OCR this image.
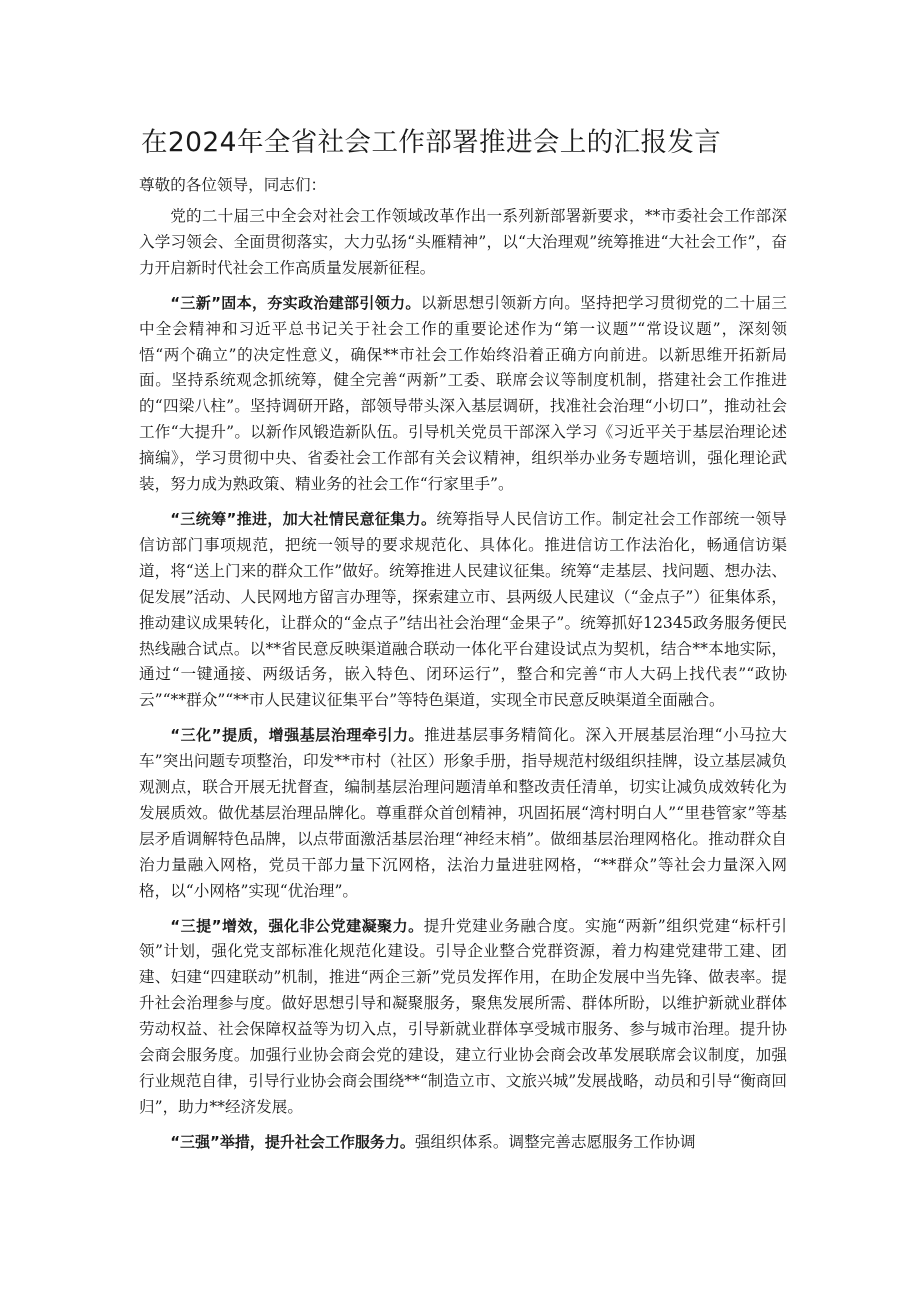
在2024年全省社会工作部署推进会上的汇报发言
尊敬的各位领导，同志们：

党的二十届三中全会对社会工作领域改革作出一系列新部署新要求，**市委社会工作部深入学习领会、全面贯彻落实，大力弘扬“头雁精神”，以“大治理观”统筹推进“大社会工作”，奋力开启新时代社会工作高质量发展新征程。

“三新”固本，夯实政治建部引领力。以新思想引领新方向。坚持把学习贯彻党的二十届三中全会精神和习近平总书记关于社会工作的重要论述作为“第一议题”“常设议题”，深刻领悟“两个确立”的决定性意义，确保**市社会工作始终沿着正确方向前进。以新思维开拓新局面。坚持系统观念抓统筹，健全完善“两新”工委、联席会议等制度机制，搭建社会工作推进的“四梁八柱”。坚持调研开路，部领导带头深入基层调研，找准社会治理“小切口”，推动社会工作“大提升”。以新作风锻造新队伍。引导机关党员干部深入学习《习近平关于基层治理论述摘编》，学习贯彻中央、省委社会工作部有关会议精神，组织举办业务专题培训，强化理论武装，努力成为熟政策、精业务的社会工作“行家里手”。

“三统筹”推进，加大社情民意征集力。统筹指导人民信访工作。制定社会工作部统一领导信访部门事项规范，把统一领导的要求规范化、具体化。推进信访工作法治化，畅通信访渠道，将“送上门来的群众工作”做好。统筹推进人民建议征集。统筹“走基层、找问题、想办法、促发展”活动、人民网地方留言办理等，探索建立市、县两级人民建议（“金点子”）征集体系，推动建议成果转化，让群众的“金点子”结出社会治理“金果子”。统筹抓好12345政务服务便民热线融合试点。以**省民意反映渠道融合联动一体化平台建设试点为契机，结合**本地实际，通过“一键通接、两级话务，嵌入特色、闭环运行”，整合和完善“市人大码上找代表”“政协云”“**群众”“**市人民建议征集平台”等特色渠道，实现全市民意反映渠道全面融合。

“三化”提质，增强基层治理牵引力。推进基层事务精简化。深入开展基层治理“小马拉大车”突出问题专项整治，印发**市村（社区）形象手册，指导规范村级组织挂牌，设立基层减负观测点，联合开展无扰督查，编制基层治理问题清单和整改责任清单，切实让减负成效转化为发展质效。做优基层治理品牌化。尊重群众首创精神，巩固拓展“湾村明白人”“里巷管家”等基层矛盾调解特色品牌，以点带面激活基层治理“神经末梢”。做细基层治理网格化。推动群众自治力量融入网格，党员干部力量下沉网格，法治力量进驻网格，“**群众”等社会力量深入网格，以“小网格”实现“优治理”。

“三提”增效，强化非公党建凝聚力。提升党建业务融合度。实施“两新”组织党建“标杆引领”计划，强化党支部标准化规范化建设。引导企业整合党群资源，着力构建党建带工建、团建、妇建“四建联动”机制，推进“两企三新”党员发挥作用，在助企发展中当先锋、做表率。提升社会治理参与度。做好思想引导和凝聚服务，聚焦发展所需、群体所盼，以维护新就业群体劳动权益、社会保障权益等为切入点，引导新就业群体享受城市服务、参与城市治理。提升协会商会服务度。加强行业协会商会党的建设，建立行业协会商会改革发展联席会议制度，加强行业规范自律，引导行业协会商会围绕**“制造立市、文旅兴城”发展战略，动员和引导“衡商回归”，助力**经济发展。

“三强”举措，提升社会工作服务力。强组织体系。调整完善志愿服务工作协调
